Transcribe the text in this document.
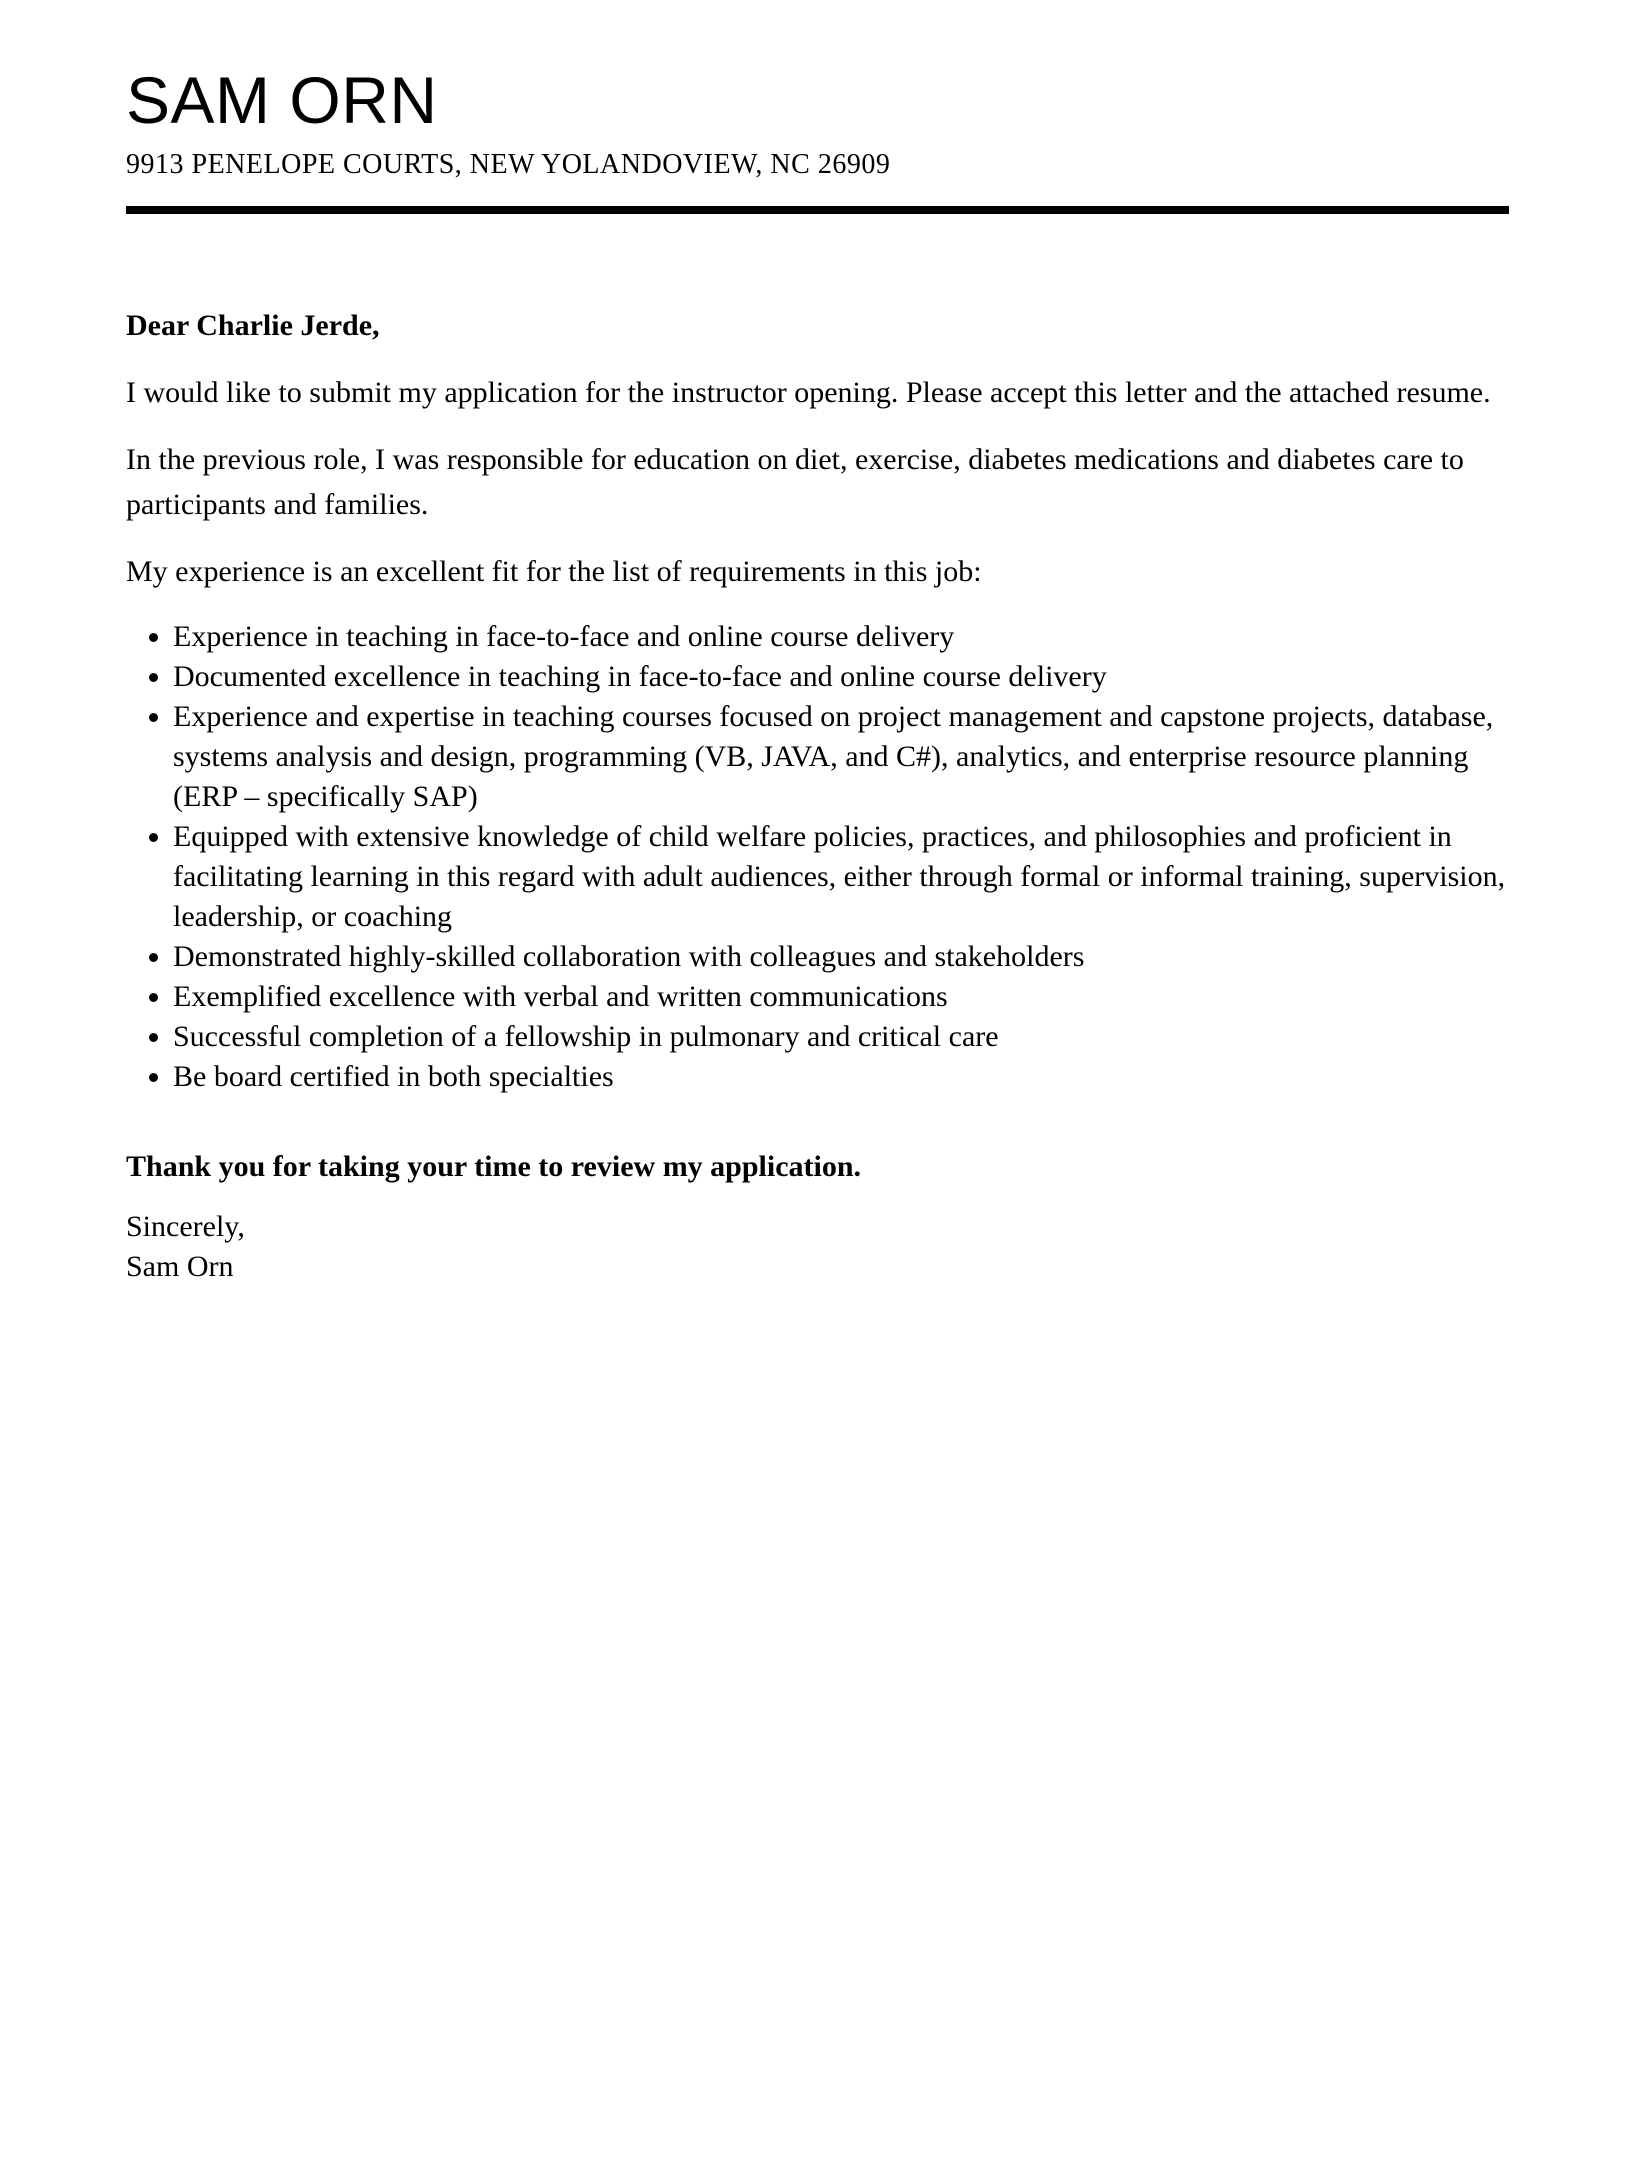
SAM ORN
9913 PENELOPE COURTS, NEW YOLANDOVIEW, NC 26909

Dear Charlie Jerde,

I would like to submit my application for the instructor opening. Please accept this letter and the attached resume.

In the previous role, I was responsible for education on diet, exercise, diabetes medications and diabetes care to participants and families.

My experience is an excellent fit for the list of requirements in this job:

• Experience in teaching in face-to-face and online course delivery
• Documented excellence in teaching in face-to-face and online course delivery
• Experience and expertise in teaching courses focused on project management and capstone projects, database, systems analysis and design, programming (VB, JAVA, and C#), analytics, and enterprise resource planning (ERP – specifically SAP)
• Equipped with extensive knowledge of child welfare policies, practices, and philosophies and proficient in facilitating learning in this regard with adult audiences, either through formal or informal training, supervision, leadership, or coaching
• Demonstrated highly-skilled collaboration with colleagues and stakeholders
• Exemplified excellence with verbal and written communications
• Successful completion of a fellowship in pulmonary and critical care
• Be board certified in both specialties

Thank you for taking your time to review my application.

Sincerely,
Sam Orn
